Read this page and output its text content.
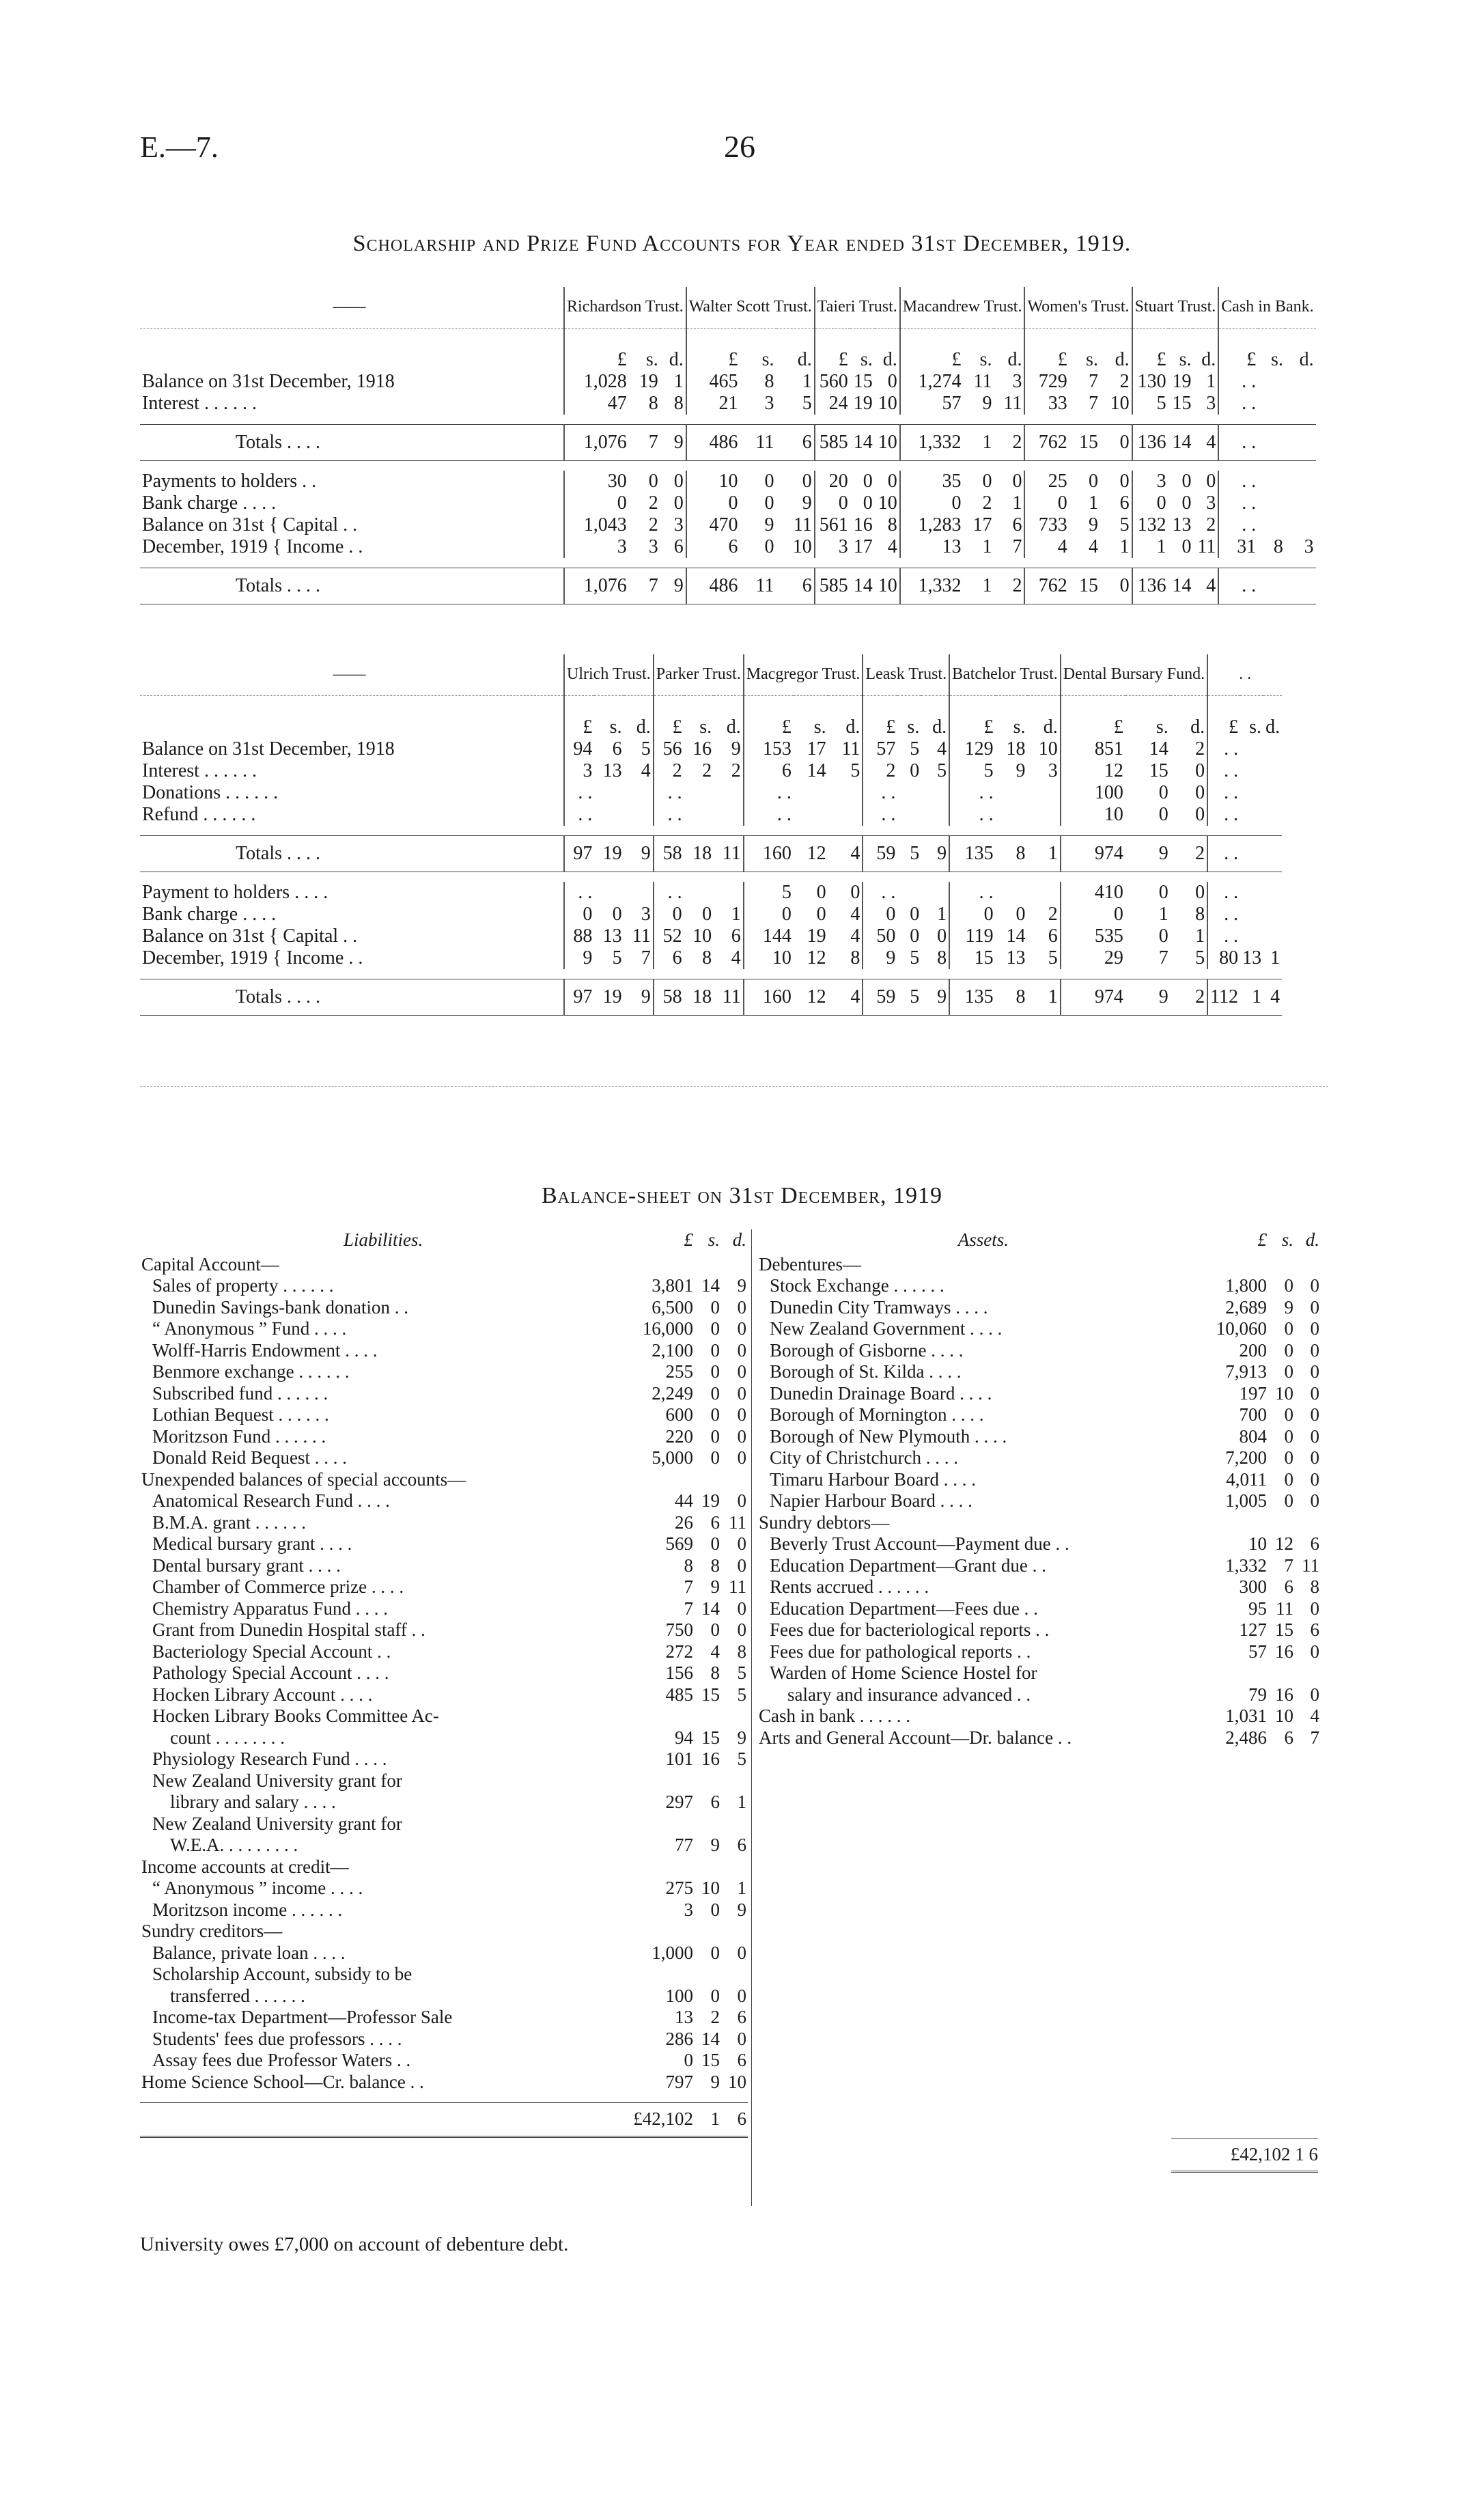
E.—7.	26
Scholarship and Prize Fund Accounts for Year ended 31st December, 1919.
——	Richardson Trust.			Walter Scott Trust.			Taieri Trust.			Macandrew Trust.			Women's Trust.			Stuart Trust.			Cash in Bank.		
	£	s.	d.	£	s.	d.	£	s.	d.	£	s.	d.	£	s.	d.	£	s.	d.	£	s.	d.
Balance on 31st December, 1918	1,028	19	1	465	8	1	560	15	0	1,274	11	3	729	7	2	130	19	1	. .		
Interest . . . . . .	47	8	8	21	3	5	24	19	10	57	9	11	33	7	10	5	15	3	. .		

Totals . . . .	1,076	7	9	486	11	6	585	14	10	1,332	1	2	762	15	0	136	14	4	. .		

Payments to holders . .	30	0	0	10	0	0	20	0	0	35	0	0	25	0	0	3	0	0	. .		
Bank charge . . . .	0	2	0	0	0	9	0	0	10	0	2	1	0	1	6	0	0	3	. .		
Balance on 31st { Capital . .	1,043	2	3	470	9	11	561	16	8	1,283	17	6	733	9	5	132	13	2	. .		
December, 1919 { Income . .	3	3	6	6	0	10	3	17	4	13	1	7	4	4	1	1	0	11	31	8	3

Totals . . . .	1,076	7	9	486	11	6	585	14	10	1,332	1	2	762	15	0	136	14	4	. .		

——	Ulrich Trust.			Parker Trust.			Macgregor Trust.			Leask Trust.			Batchelor Trust.			Dental Bursary Fund.			. .		
	£	s.	d.	£	s.	d.	£	s.	d.	£	s.	d.	£	s.	d.	£	s.	d.	£	s.	d.
Balance on 31st December, 1918	94	6	5	56	16	9	153	17	11	57	5	4	129	18	10	851	14	2	. .		
Interest . . . . . .	3	13	4	2	2	2	6	14	5	2	0	5	5	9	3	12	15	0	. .		
Donations . . . . . .	. .			. .			. .			. .			. .			100	0	0	. .		
Refund . . . . . .	. .			. .			. .			. .			. .			10	0	0	. .		

Totals . . . .	97	19	9	58	18	11	160	12	4	59	5	9	135	8	1	974	9	2	. .		

Payment to holders . . . .	. .			. .			5	0	0	. .			. .			410	0	0	. .		
Bank charge . . . .	0	0	3	0	0	1	0	0	4	0	0	1	0	0	2	0	1	8	. .		
Balance on 31st { Capital . .	88	13	11	52	10	6	144	19	4	50	0	0	119	14	6	535	0	1	. .		
December, 1919 { Income . .	9	5	7	6	8	4	10	12	8	9	5	8	15	13	5	29	7	5	80	13	1

Totals . . . .	97	19	9	58	18	11	160	12	4	59	5	9	135	8	1	974	9	2	112	1	4

Balance-sheet on 31st December, 1919
Liabilities.	£	s.	d.
Capital Account—			
Sales of property . . . . . .	3,801	14	9
Dunedin Savings-bank donation . .	6,500	0	0
“ Anonymous ” Fund . . . .	16,000	0	0
Wolff-Harris Endowment . . . .	2,100	0	0
Benmore exchange . . . . . .	255	0	0
Subscribed fund . . . . . .	2,249	0	0
Lothian Bequest . . . . . .	600	0	0
Moritzson Fund . . . . . .	220	0	0
Donald Reid Bequest . . . .	5,000	0	0
Unexpended balances of special accounts—			
Anatomical Research Fund . . . .	44	19	0
B.M.A. grant . . . . . .	26	6	11
Medical bursary grant . . . .	569	0	0
Dental bursary grant . . . .	8	8	0
Chamber of Commerce prize . . . .	7	9	11
Chemistry Apparatus Fund . . . .	7	14	0
Grant from Dunedin Hospital staff . .	750	0	0
Bacteriology Special Account . .	272	4	8
Pathology Special Account . . . .	156	8	5
Hocken Library Account . . . .	485	15	5
Hocken Library Books Committee Ac-			
count . . . . . . . .	94	15	9
Physiology Research Fund . . . .	101	16	5
New Zealand University grant for			
library and salary . . . .	297	6	1
New Zealand University grant for			
W.E.A. . . . . . . . .	77	9	6
Income accounts at credit—			
“ Anonymous ” income . . . .	275	10	1
Moritzson income . . . . . .	3	0	9
Sundry creditors—			
Balance, private loan . . . .	1,000	0	0
Scholarship Account, subsidy to be			
transferred . . . . . .	100	0	0
Income-tax Department—Professor Sale	13	2	6
Students' fees due professors . . . .	286	14	0
Assay fees due Professor Waters . .	0	15	6
Home Science School—Cr. balance . .	797	9	10

	£42,102	1	6
Assets.	£	s.	d.
Debentures—			
Stock Exchange . . . . . .	1,800	0	0
Dunedin City Tramways . . . .	2,689	9	0
New Zealand Government . . . .	10,060	0	0
Borough of Gisborne . . . .	200	0	0
Borough of St. Kilda . . . .	7,913	0	0
Dunedin Drainage Board . . . .	197	10	0
Borough of Mornington . . . .	700	0	0
Borough of New Plymouth . . . .	804	0	0
City of Christchurch . . . .	7,200	0	0
Timaru Harbour Board . . . .	4,011	0	0
Napier Harbour Board . . . .	1,005	0	0
Sundry debtors—			
Beverly Trust Account—Payment due . .	10	12	6
Education Department—Grant due . .	1,332	7	11
Rents accrued . . . . . .	300	6	8
Education Department—Fees due . .	95	11	0
Fees due for bacteriological reports . .	127	15	6
Fees due for pathological reports . .	57	16	0
Warden of Home Science Hostel for			
salary and insurance advanced . .	79	16	0
Cash in bank . . . . . .	1,031	10	4
Arts and General Account—Dr. balance . .	2,486	6	7
£42,102 1 6
University owes £7,000 on account of debenture debt.
